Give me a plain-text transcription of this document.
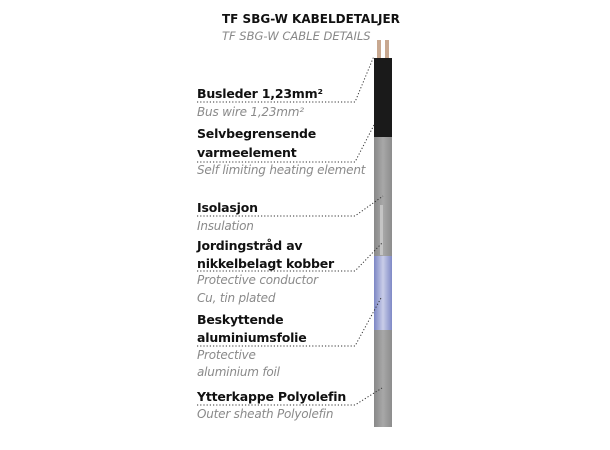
TF SBG-W KABELDETALJER
TF SBG-W CABLE DETAILS
Busleder 1,23mm²
Bus wire 1,23mm²
Selvbegrensende
varmeelement
Self limiting heating element
Isolasjon
Insulation
Jordingstråd av
nikkelbelagt kobber
Protective conductor
Cu, tin plated
Beskyttende
aluminiumsfolie
Protective
aluminium foil
Ytterkappe Polyolefin
Outer sheath Polyolefin
